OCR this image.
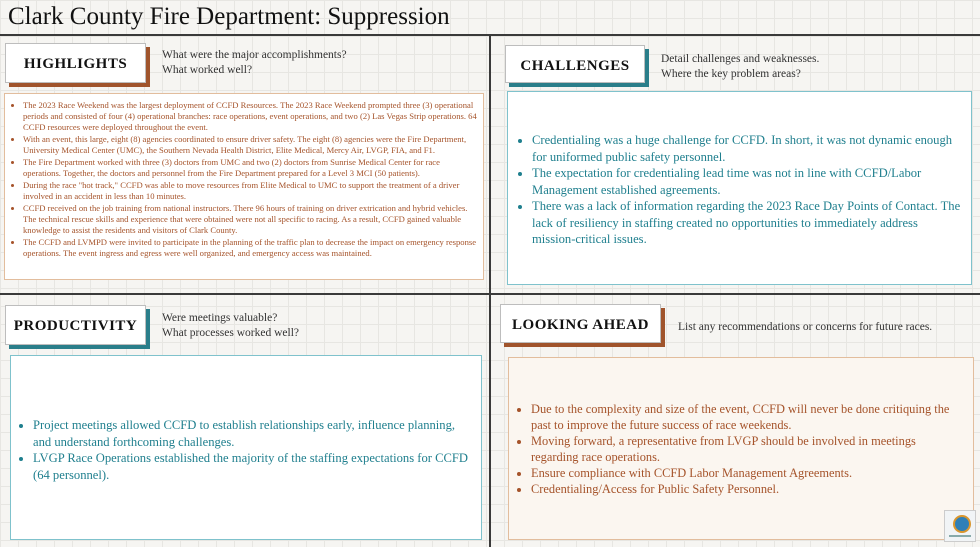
Clark County Fire Department: Suppression
HIGHLIGHTS
What were the major accomplishments?
What worked well?
• The 2023 Race Weekend was the largest deployment of CCFD Resources. The 2023 Race Weekend prompted three (3) operational periods and consisted of four (4) operational branches: race operations, event operations, and two (2) Las Vegas Strip operations. 64 CCFD resources were deployed throughout the event.
• With an event, this large, eight (8) agencies coordinated to ensure driver safety. The eight (8) agencies were the Fire Department, University Medical Center (UMC), the Southern Nevada Health District, Elite Medical, Mercy Air, LVGP, FIA, and F1.
• The Fire Department worked with three (3) doctors from UMC and two (2) doctors from Sunrise Medical Center for race operations. Together, the doctors and personnel from the Fire Department prepared for a Level 3 MCI (50 patients).
• During the race "hot track," CCFD was able to move resources from Elite Medical to UMC to support the treatment of a driver involved in an accident in less than 10 minutes.
• CCFD received on the job training from national instructors. There 96 hours of training on driver extrication and hybrid vehicles. The technical rescue skills and experience that were obtained were not all specific to racing. As a result, CCFD gained valuable knowledge to assist the residents and visitors of Clark County.
• The CCFD and LVMPD were invited to participate in the planning of the traffic plan to decrease the impact on emergency response operations. The event ingress and egress were well organized, and emergency access was maintained.
CHALLENGES	Detail challenges and weaknesses.
Where the key problem areas?
• Credentialing was a huge challenge for CCFD. In short, it was not dynamic enough for uniformed public safety personnel.
• The expectation for credentialing lead time was not in line with CCFD/Labor Management established agreements.
• There was a lack of information regarding the 2023 Race Day Points of Contact. The lack of resiliency in staffing created no opportunities to immediately address mission-critical issues.
PRODUCTIVITY	Were meetings valuable?
What processes worked well?
• Project meetings allowed CCFD to establish relationships early, influence planning, and understand forthcoming challenges.
• LVGP Race Operations established the majority of the staffing expectations for CCFD (64 personnel).
LOOKING AHEAD	List any recommendations or concerns for future races.
• Due to the complexity and size of the event, CCFD will never be done critiquing the past to improve the future success of race weekends.
• Moving forward, a representative from LVGP should be involved in meetings regarding race operations.
• Ensure compliance with CCFD Labor Management Agreements.
• Credentialing/Access for Public Safety Personnel.
